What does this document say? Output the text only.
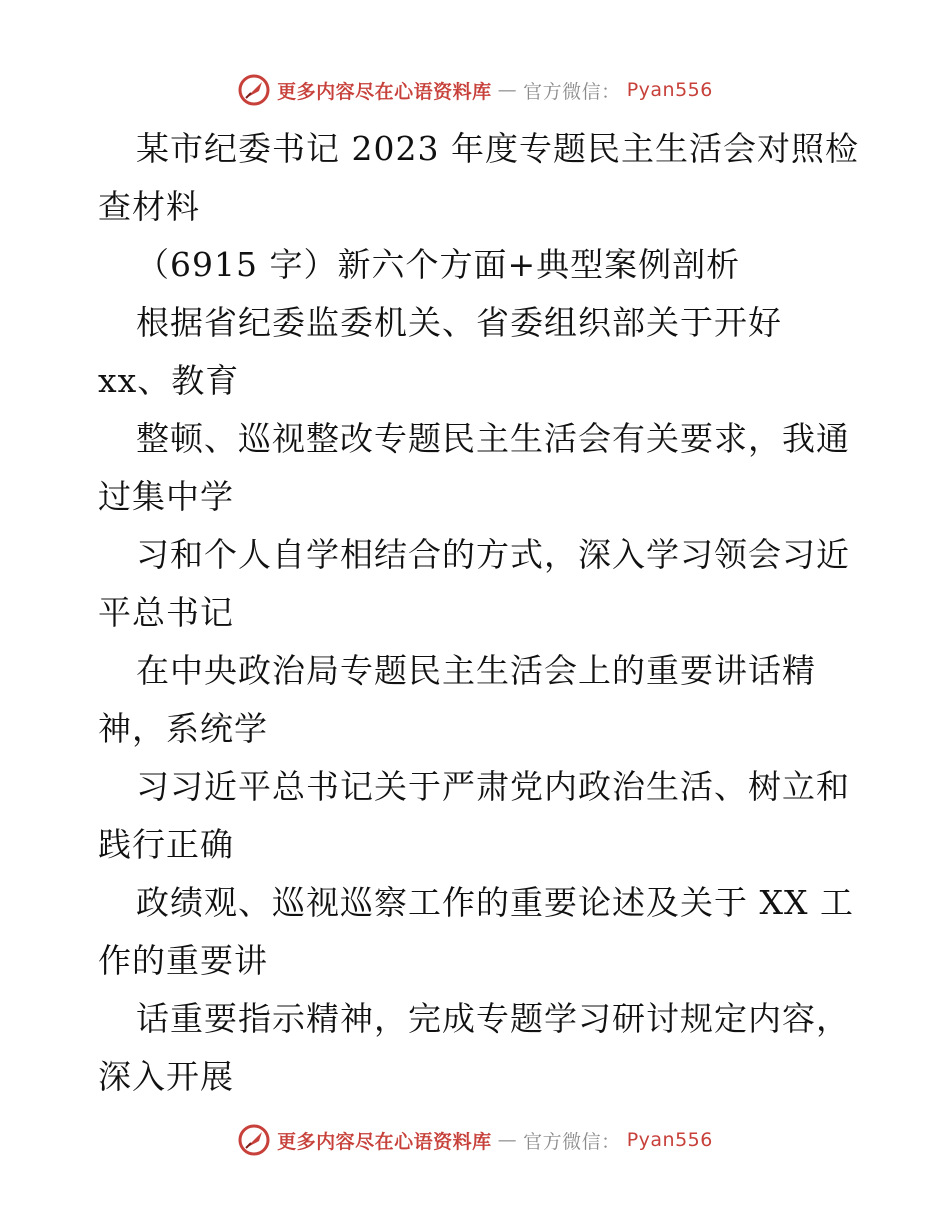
更多内容尽在心语资料库 — 官方微信： Pyan556
某市纪委书记 2023 年度专题民主生活会对照检
查材料
（6915 字）新六个方面+典型案例剖析
根据省纪委监委机关、省委组织部关于开好
xx、教育
整顿、巡视整改专题民主生活会有关要求，我通
过集中学
习和个人自学相结合的方式，深入学习领会习近
平总书记
在中央政治局专题民主生活会上的重要讲话精
神，系统学
习习近平总书记关于严肃党内政治生活、树立和
践行正确
政绩观、巡视巡察工作的重要论述及关于 XX 工
作的重要讲
话重要指示精神，完成专题学习研讨规定内容，
深入开展
更多内容尽在心语资料库 — 官方微信： Pyan556
